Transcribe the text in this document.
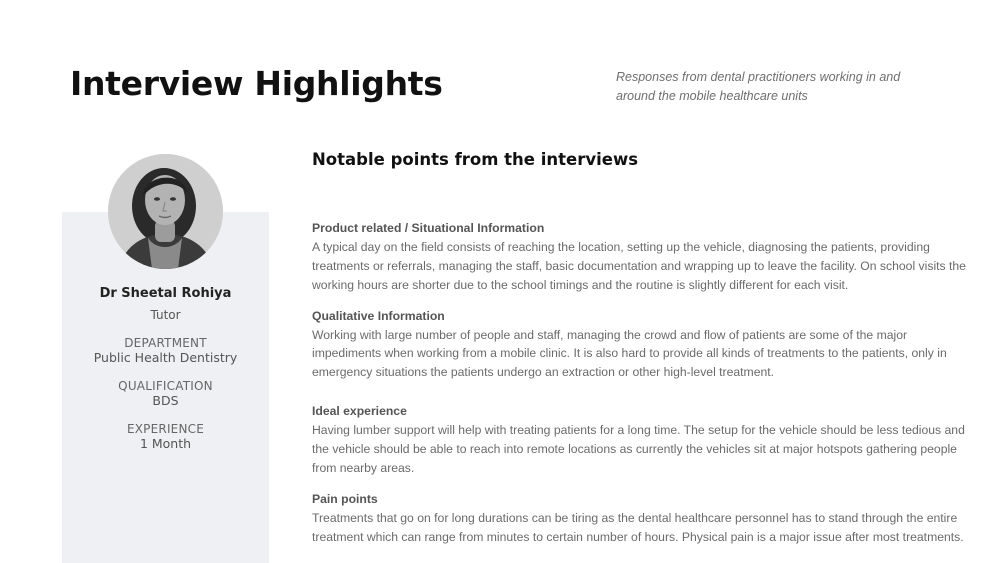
Interview Highlights	Responses from dental practitioners working in and around the mobile healthcare units
Dr Sheetal Rohiya
Tutor
DEPARTMENT
Public Health Dentistry
QUALIFICATION
BDS
EXPERIENCE
1 Month
Notable points from the interviews
Product related / Situational Information
A typical day on the field consists of reaching the location, setting up the vehicle, diagnosing the patients, providing treatments or referrals, managing the staff, basic documentation and wrapping up to leave the facility. On school visits the working hours are shorter due to the school timings and the routine is slightly different for each visit.
Qualitative Information
Working with large number of people and staff, managing the crowd and flow of patients are some of the major impediments when working from a mobile clinic. It is also hard to provide all kinds of treatments to the patients, only in emergency situations the patients undergo an extraction or other high-level treatment.
Ideal experience
Having lumber support will help with treating patients for a long time. The setup for the vehicle should be less tedious and the vehicle should be able to reach into remote locations as currently the vehicles sit at major hotspots gathering people from nearby areas.
Pain points
Treatments that go on for long durations can be tiring as the dental healthcare personnel has to stand through the entire treatment which can range from minutes to certain number of hours. Physical pain is a major issue after most treatments.
